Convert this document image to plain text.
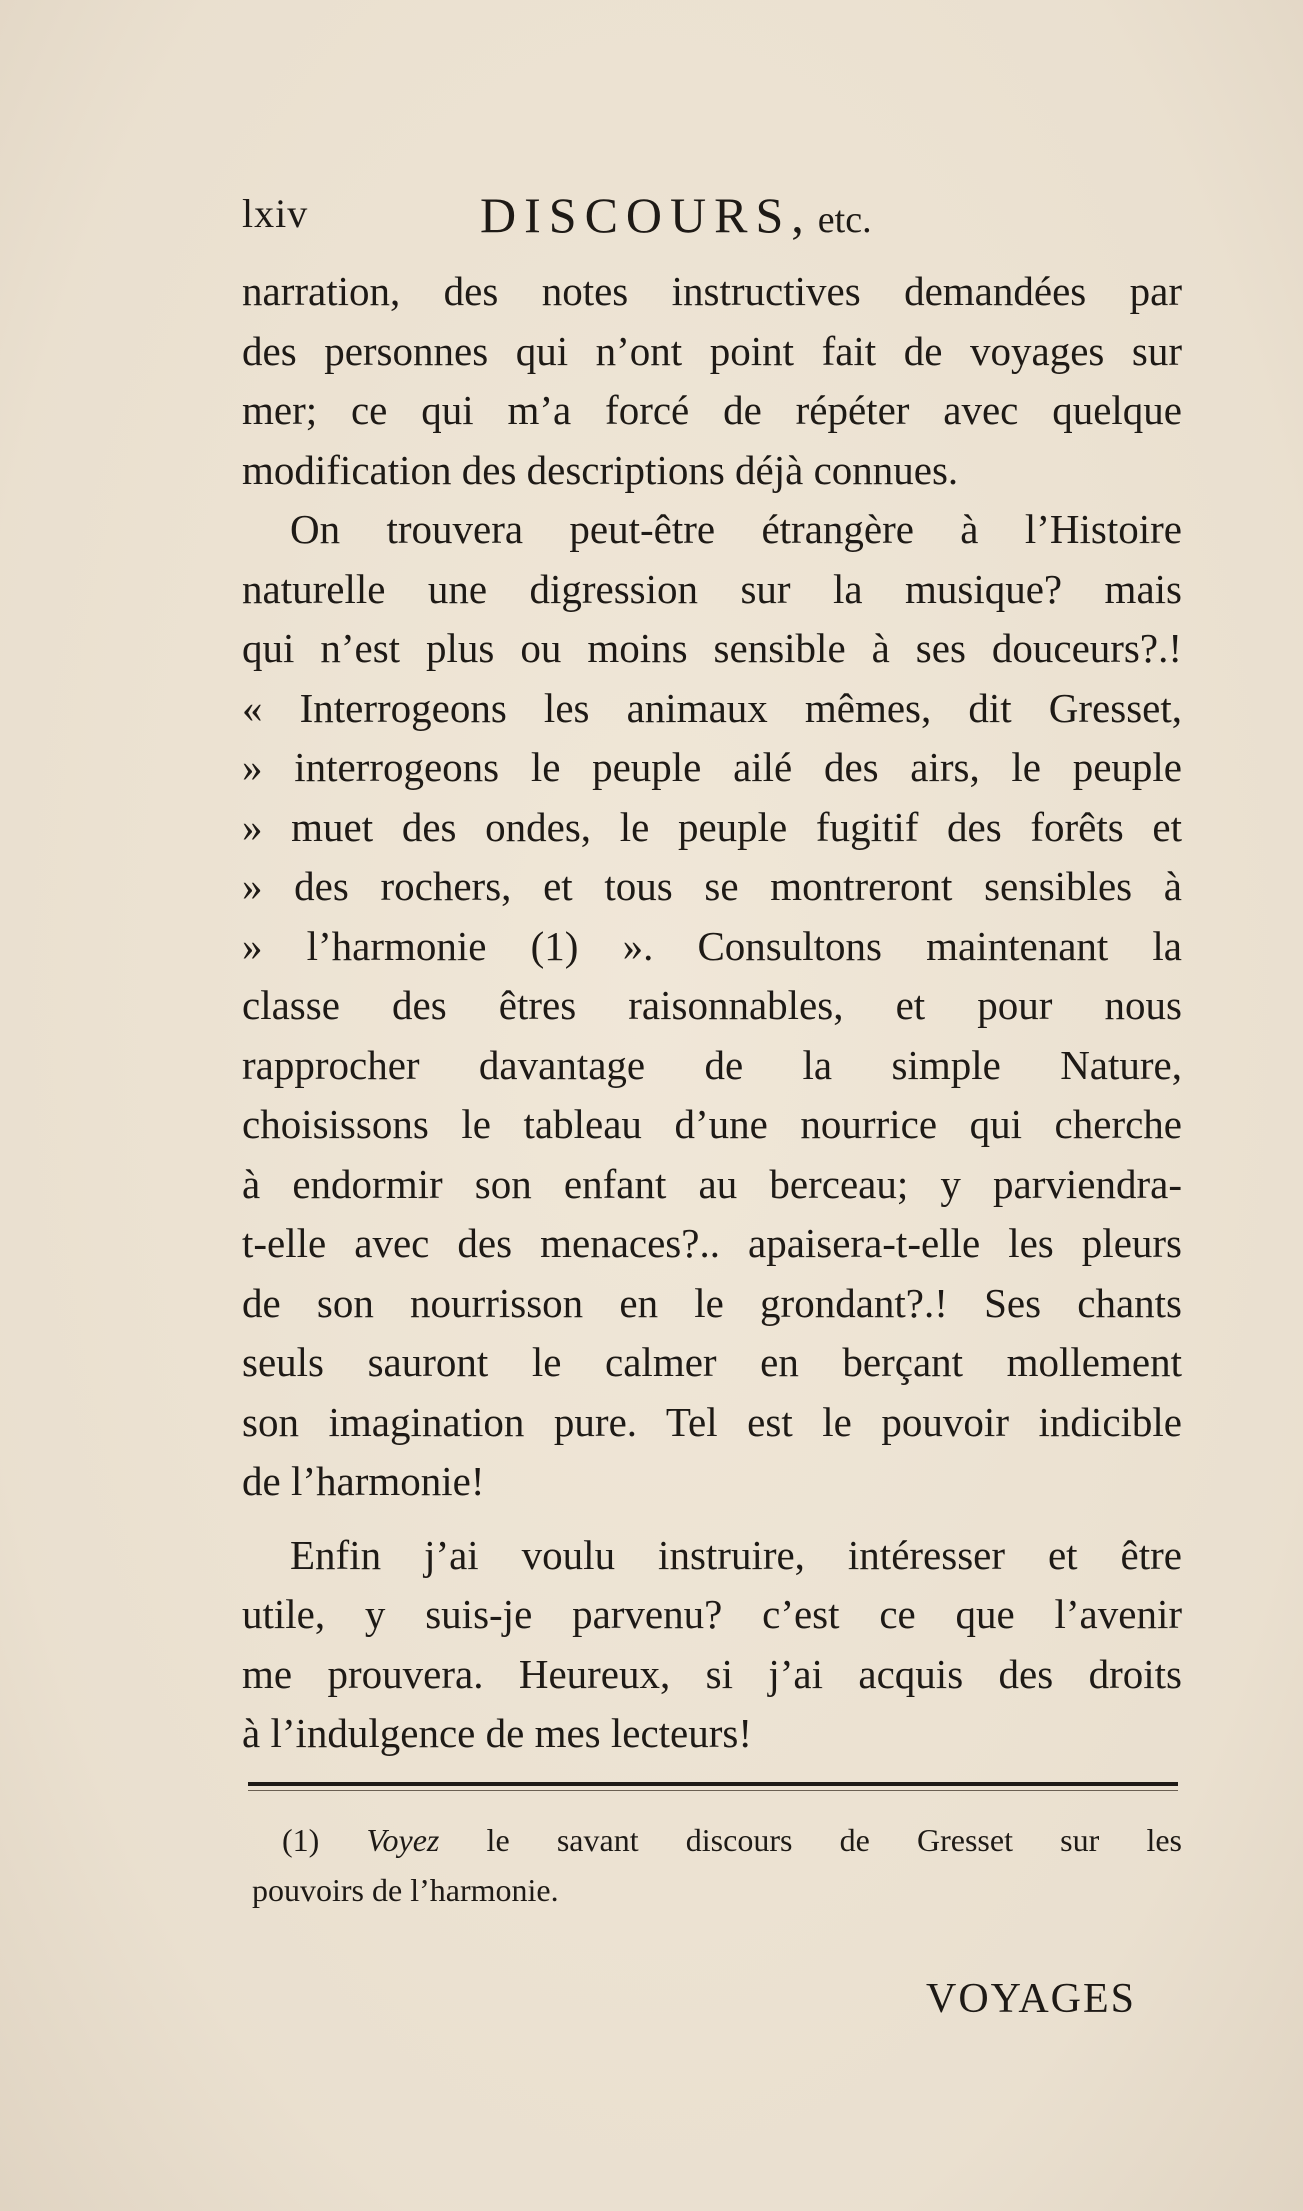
lxiv	DISCOURS, etc.
narration, des notes instructives demandées par
des personnes qui n’ont point fait de voyages sur
mer; ce qui m’a forcé de répéter avec quelque
modification des descriptions déjà connues.
On trouvera peut-être étrangère à l’Histoire
naturelle une digression sur la musique? mais
qui n’est plus ou moins sensible à ses douceurs?.!
« Interrogeons les animaux mêmes, dit Gresset,
» interrogeons le peuple ailé des airs, le peuple
» muet des ondes, le peuple fugitif des forêts et
» des rochers, et tous se montreront sensibles à
» l’harmonie (1) ». Consultons maintenant la
classe des êtres raisonnables, et pour nous
rapprocher davantage de la simple Nature,
choisissons le tableau d’une nourrice qui cherche
à endormir son enfant au berceau; y parviendra-
t-elle avec des menaces?.. apaisera-t-elle les pleurs
de son nourrisson en le grondant?.! Ses chants
seuls sauront le calmer en berçant mollement
son imagination pure. Tel est le pouvoir indicible
de l’harmonie!
Enfin j’ai voulu instruire, intéresser et être
utile, y suis-je parvenu? c’est ce que l’avenir
me prouvera. Heureux, si j’ai acquis des droits
à l’indulgence de mes lecteurs!
(1) Voyez le savant discours de Gresset sur les
pouvoirs de l’harmonie.
VOYAGES
